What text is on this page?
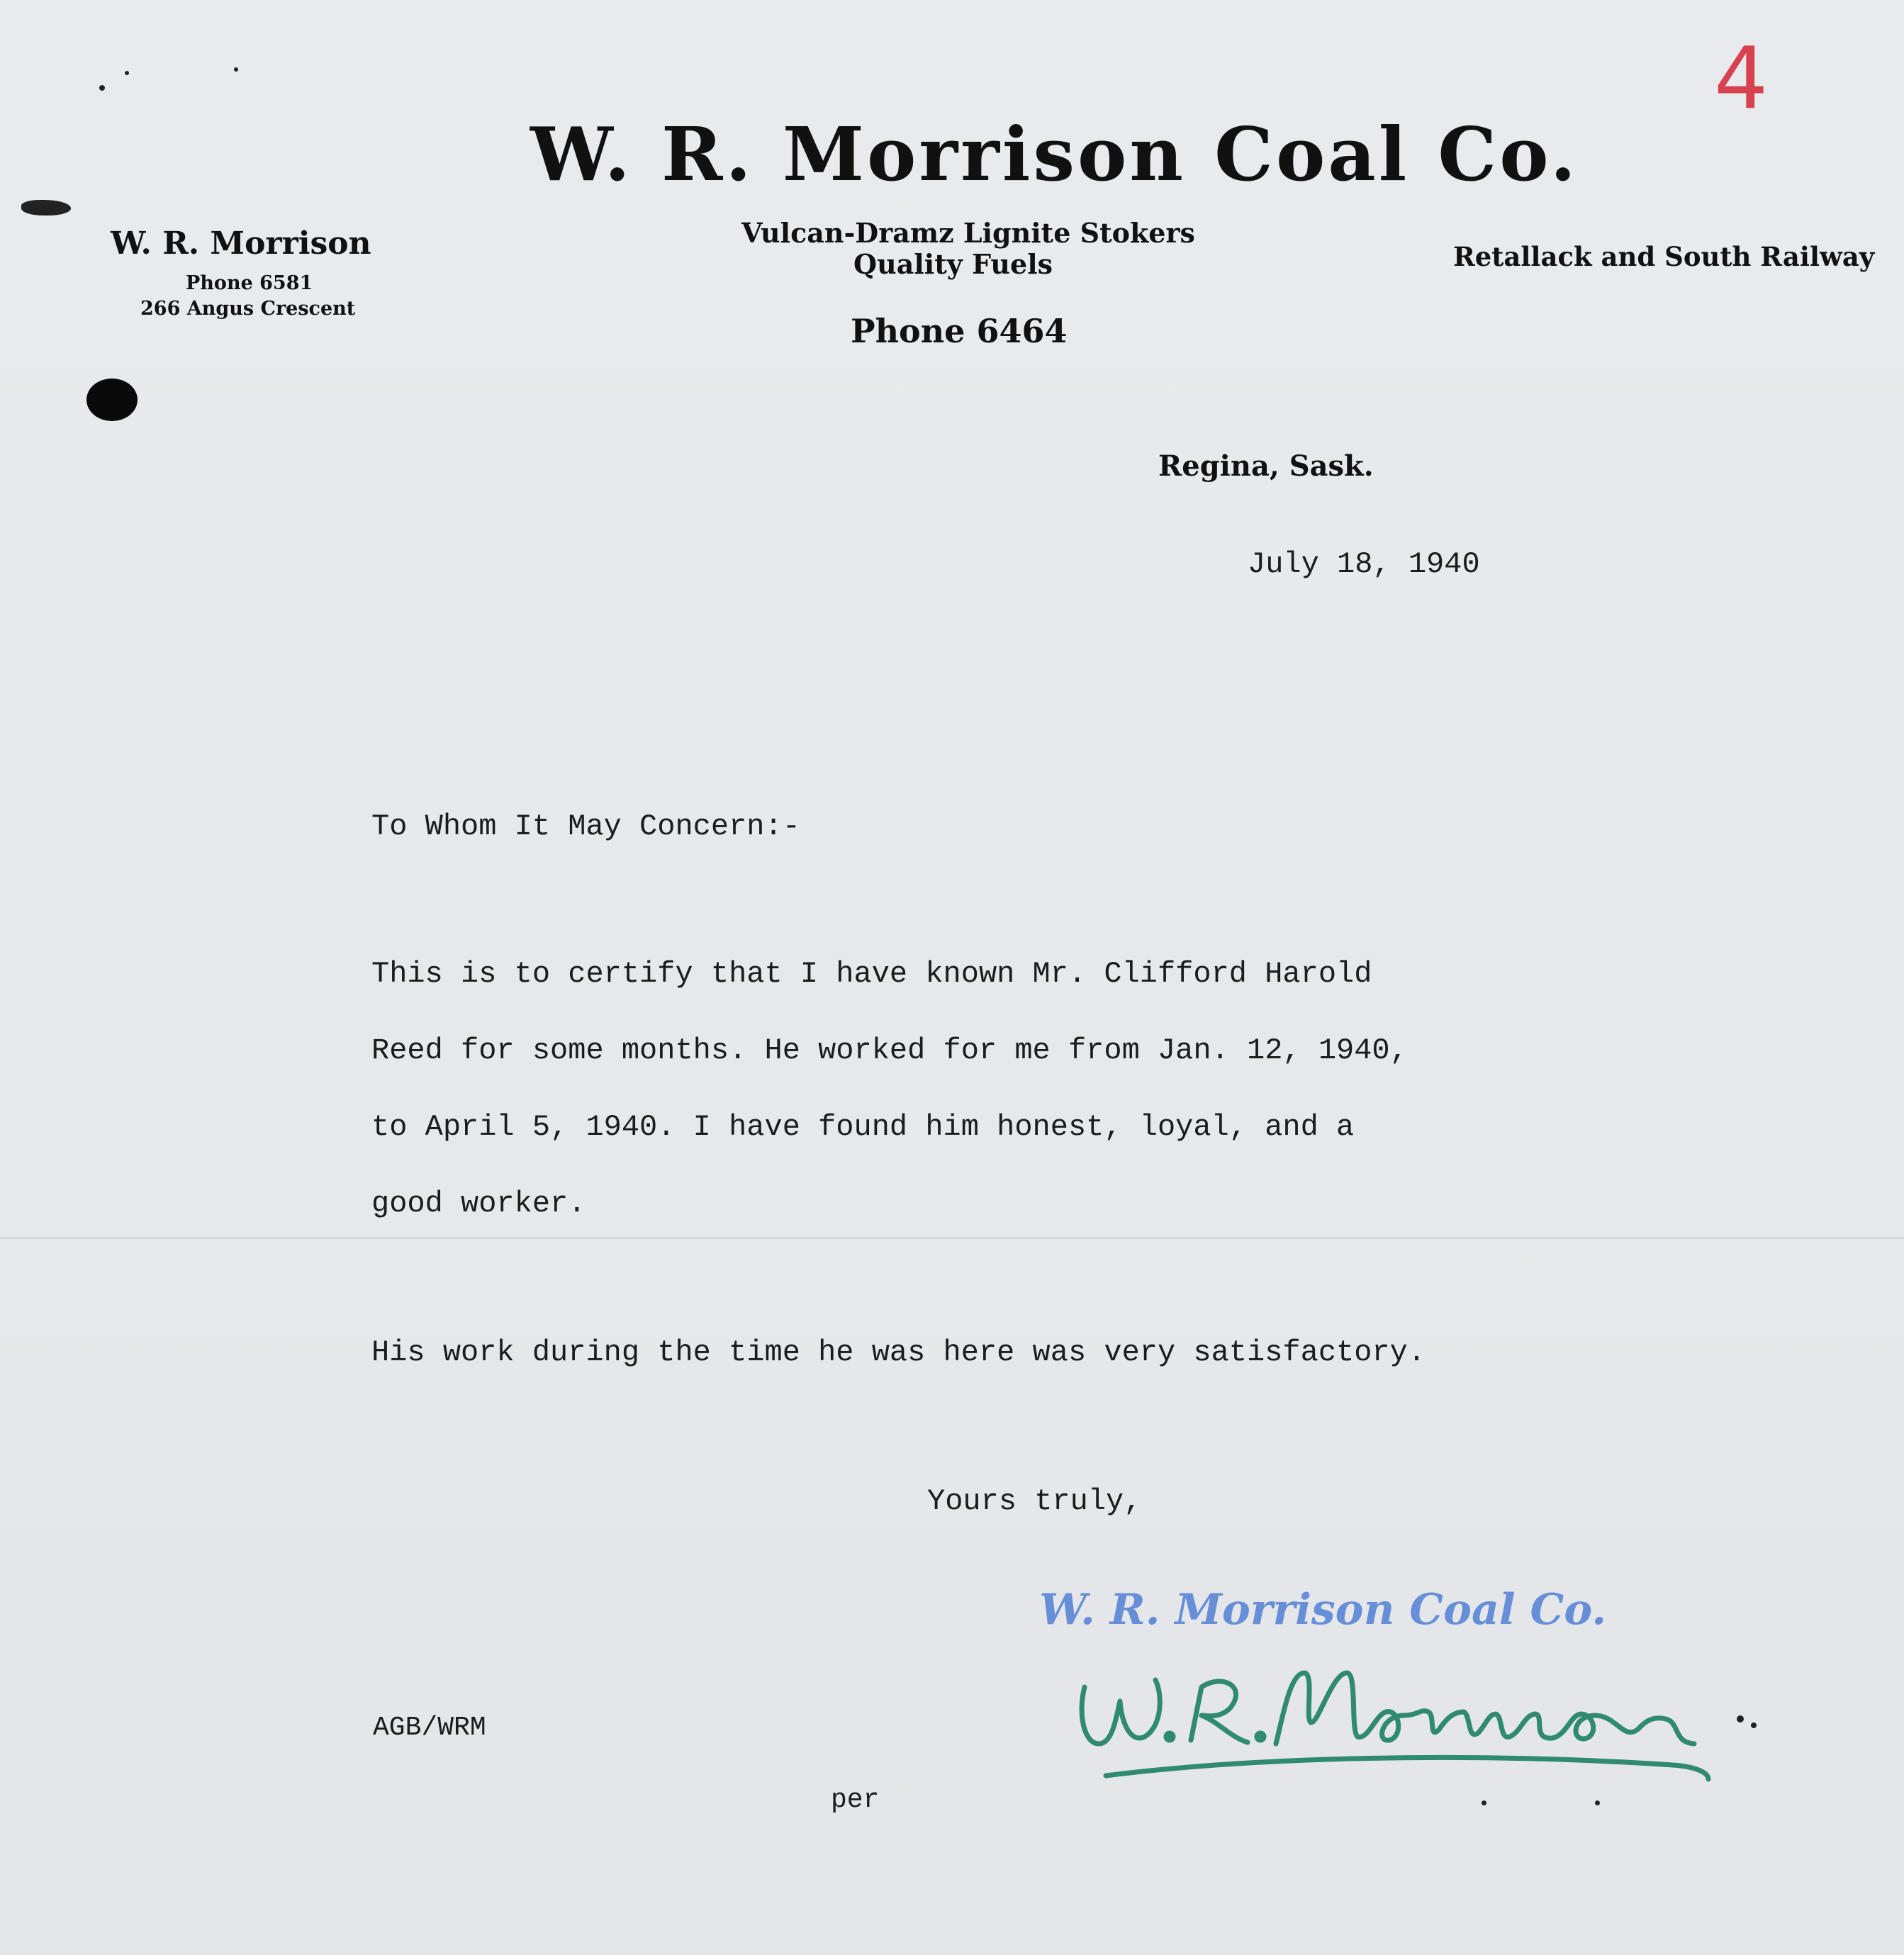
4
W. R. Morrison Coal Co.
W. R. Morrison
Phone 6581
266 Angus Crescent
Vulcan-Dramz Lignite Stokers
Quality Fuels
Phone 6464
Retallack and South Railway
Regina, Sask.
July 18, 1940
To Whom It May Concern:-
This is to certify that I have known Mr. Clifford Harold
Reed for some months. He worked for me from Jan. 12, 1940,
to April 5, 1940. I have found him honest, loyal, and a
good worker.
His work during the time he was here was very satisfactory.
Yours truly,
W. R. Morrison Coal Co.
AGB/WRM
per
